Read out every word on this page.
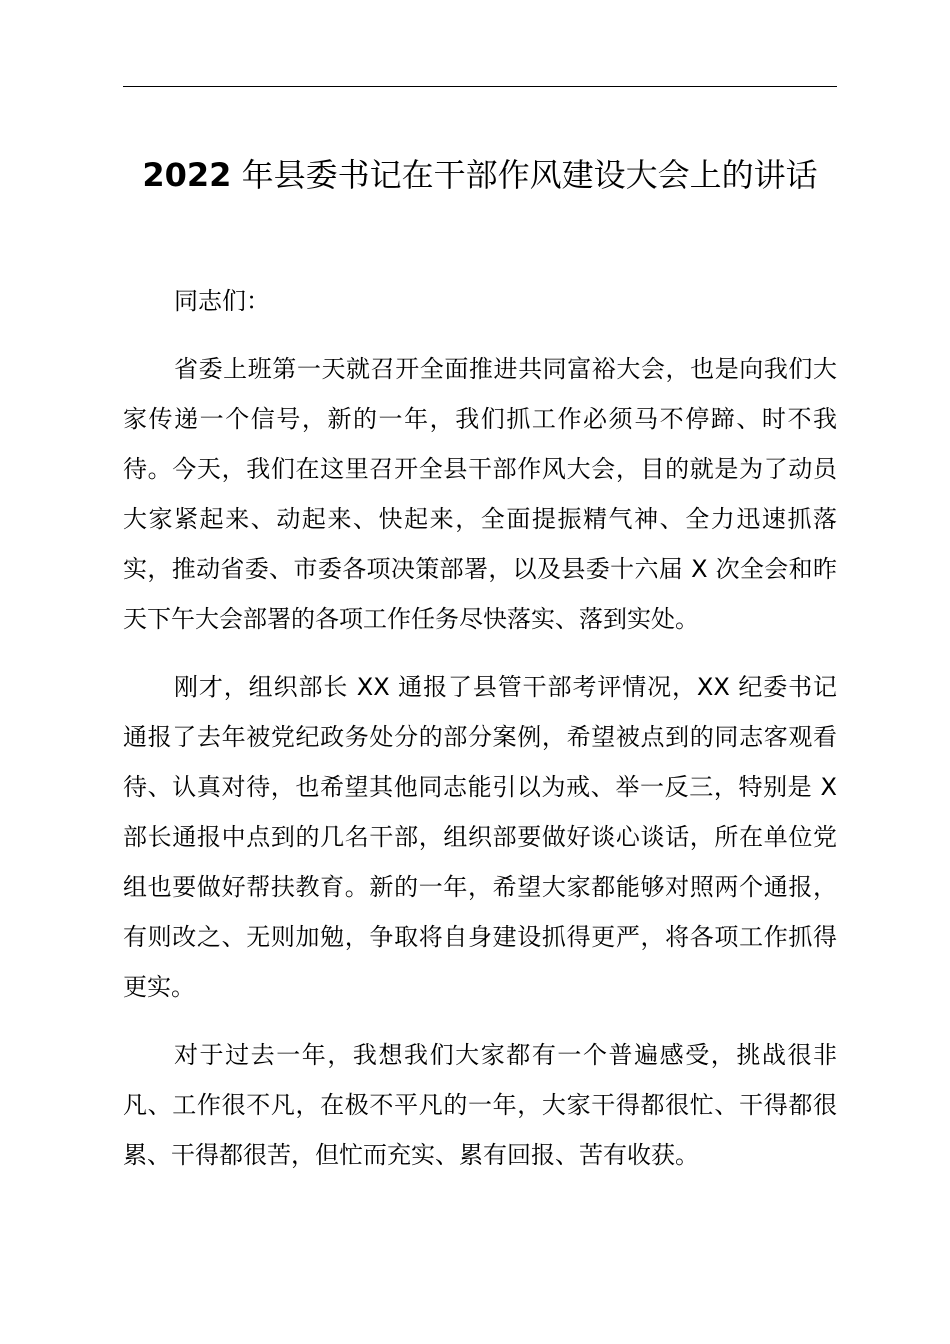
2022 年县委书记在干部作风建设大会上的讲话

同志们：

省委上班第一天就召开全面推进共同富裕大会，也是向我们大家传递一个信号，新的一年，我们抓工作必须马不停蹄、时不我待。今天，我们在这里召开全县干部作风大会，目的就是为了动员大家紧起来、动起来、快起来，全面提振精气神、全力迅速抓落实，推动省委、市委各项决策部署，以及县委十六届 X 次全会和昨天下午大会部署的各项工作任务尽快落实、落到实处。

刚才，组织部长 XX 通报了县管干部考评情况，XX 纪委书记通报了去年被党纪政务处分的部分案例，希望被点到的同志客观看待、认真对待，也希望其他同志能引以为戒、举一反三，特别是 X 部长通报中点到的几名干部，组织部要做好谈心谈话，所在单位党组也要做好帮扶教育。新的一年，希望大家都能够对照两个通报，有则改之、无则加勉，争取将自身建设抓得更严，将各项工作抓得更实。

对于过去一年，我想我们大家都有一个普遍感受，挑战很非凡、工作很不凡，在极不平凡的一年，大家干得都很忙、干得都很累、干得都很苦，但忙而充实、累有回报、苦有收获。
